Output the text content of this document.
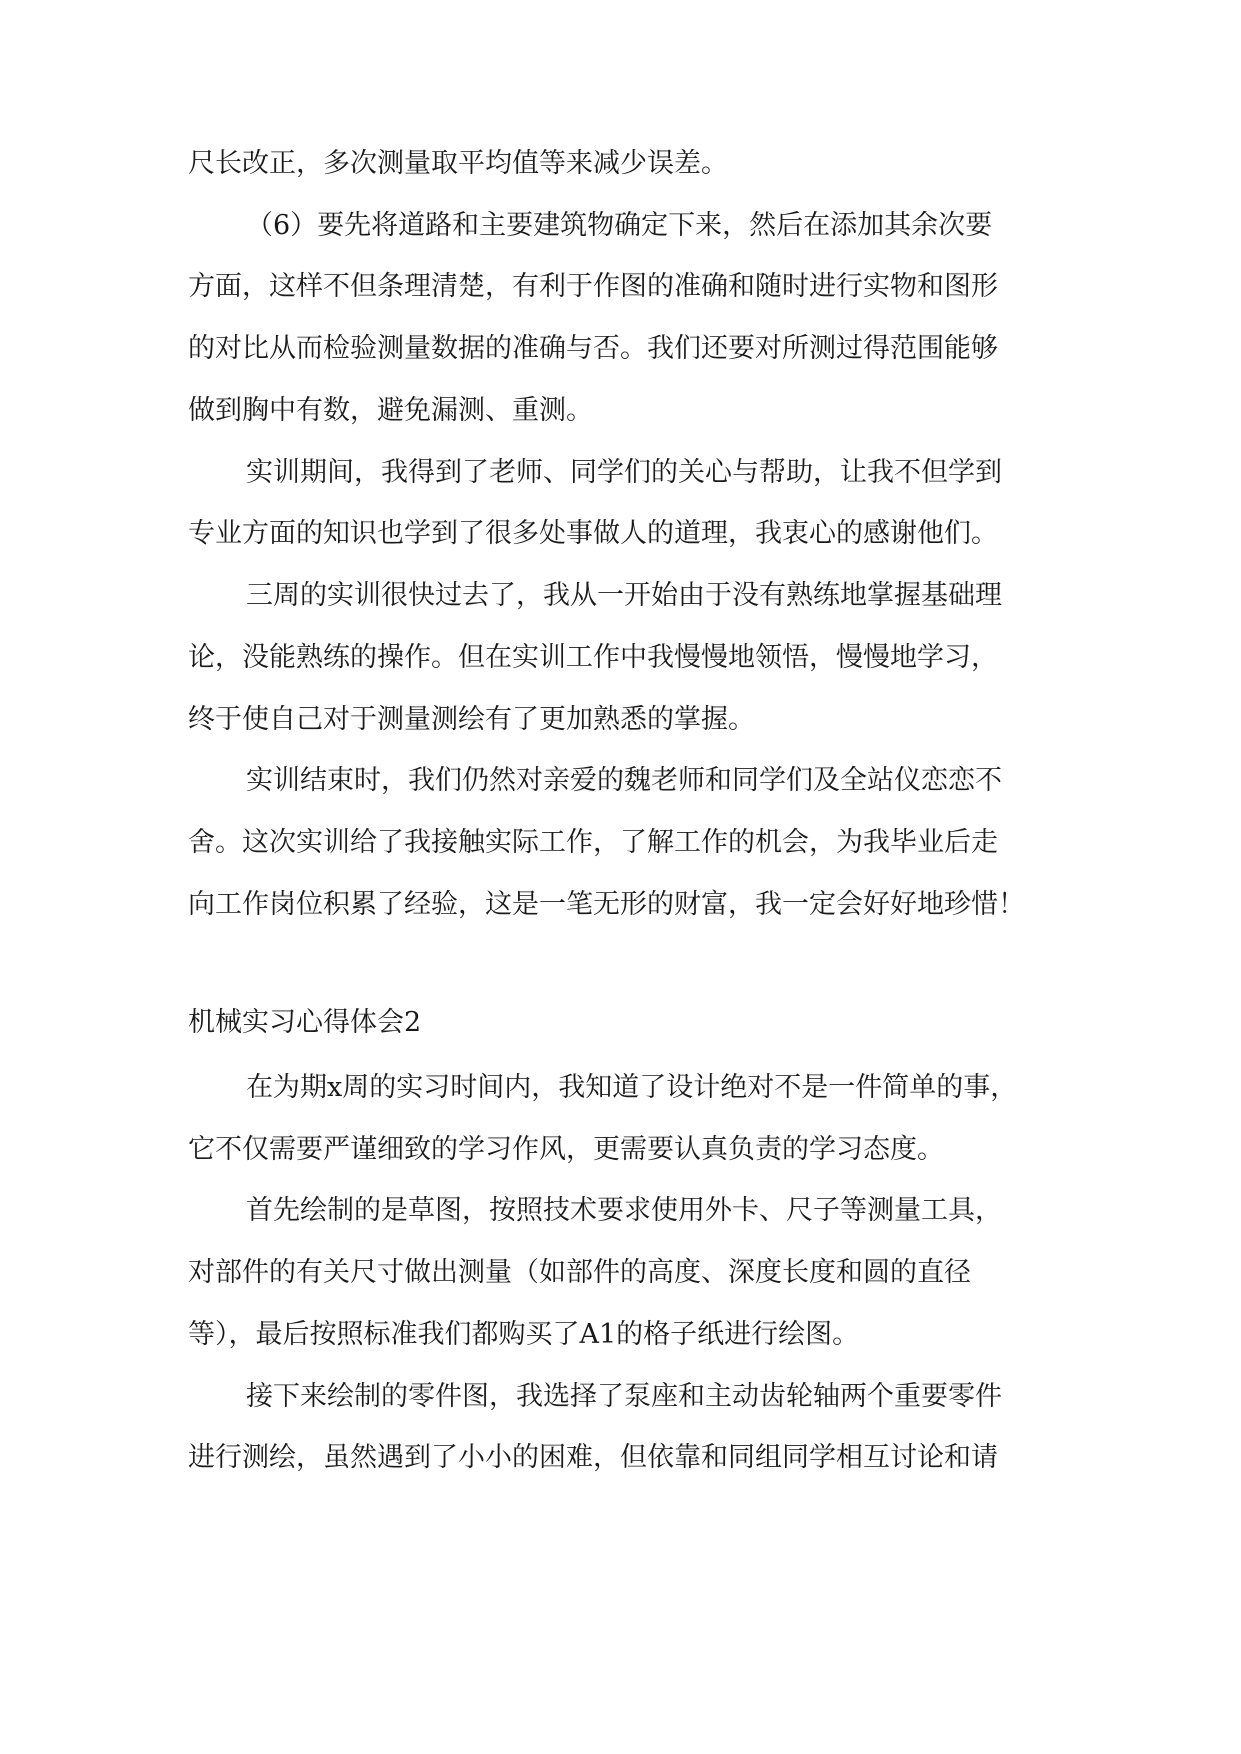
尺长改正，多次测量取平均值等来减少误差。
（6）要先将道路和主要建筑物确定下来，然后在添加其余次要
方面，这样不但条理清楚，有利于作图的准确和随时进行实物和图形
的对比从而检验测量数据的准确与否。我们还要对所测过得范围能够
做到胸中有数，避免漏测、重测。
实训期间，我得到了老师、同学们的关心与帮助，让我不但学到
专业方面的知识也学到了很多处事做人的道理，我衷心的感谢他们。
三周的实训很快过去了，我从一开始由于没有熟练地掌握基础理
论，没能熟练的操作。但在实训工作中我慢慢地领悟，慢慢地学习，
终于使自己对于测量测绘有了更加熟悉的掌握。
实训结束时，我们仍然对亲爱的魏老师和同学们及全站仪恋恋不
舍。这次实训给了我接触实际工作，了解工作的机会，为我毕业后走
向工作岗位积累了经验，这是一笔无形的财富，我一定会好好地珍惜！
机械实习心得体会2
在为期x周的实习时间内，我知道了设计绝对不是一件简单的事，
它不仅需要严谨细致的学习作风，更需要认真负责的学习态度。
首先绘制的是草图，按照技术要求使用外卡、尺子等测量工具，
对部件的有关尺寸做出测量（如部件的高度、深度长度和圆的直径
等），最后按照标准我们都购买了A1的格子纸进行绘图。
接下来绘制的零件图，我选择了泵座和主动齿轮轴两个重要零件
进行测绘，虽然遇到了小小的困难，但依靠和同组同学相互讨论和请
